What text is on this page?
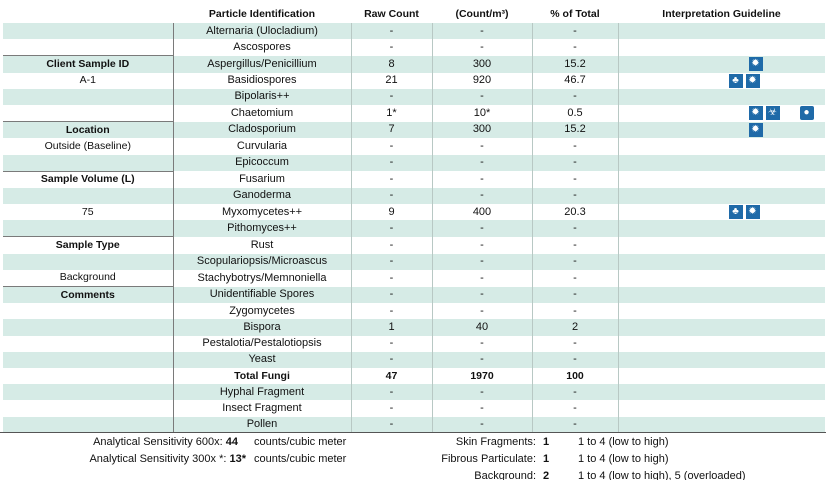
	Particle Identification	Raw Count	(Count/m³)	% of Total	Interpretation Guideline
	Alternaria (Ulocladium)	-	-	-	
	Ascospores	-	-	-	
Client Sample ID	Aspergillus/Penicillium	8	300	15.2	✹

A-1	Basidiospores	21	920	46.7	♣ ✹

	Bipolaris++	-	-	-	
	Chaetomium	1*	10*	0.5	✹ ☣ ●

Location	Cladosporium	7	300	15.2	✹

Outside (Baseline)	Curvularia	-	-	-	
	Epicoccum	-	-	-	
Sample Volume (L)	Fusarium	-	-	-	
	Ganoderma	-	-	-	
75	Myxomycetes++	9	400	20.3	♣ ✹

	Pithomyces++	-	-	-	
Sample Type	Rust	-	-	-	
	Scopulariopsis/Microascus	-	-	-	
Background	Stachybotrys/Memnoniella	-	-	-	
Comments	Unidentifiable Spores	-	-	-	
	Zygomycetes	-	-	-	
	Bispora	1	40	2	
	Pestalotia/Pestalotiopsis	-	-	-	
	Yeast	-	-	-	
	Total Fungi	47	1970	100	
	Hyphal Fragment	-	-	-	
	Insect Fragment	-	-	-	
	Pollen	-	-	-	
Analytical Sensitivity 600x: 44 counts/cubic meter
Analytical Sensitivity 300x *: 13* counts/cubic meter
Skin Fragments: 1	1 to 4 (low to high)
Fibrous Particulate: 1	1 to 4 (low to high)
Background: 2	1 to 4 (low to high), 5 (overloaded)
